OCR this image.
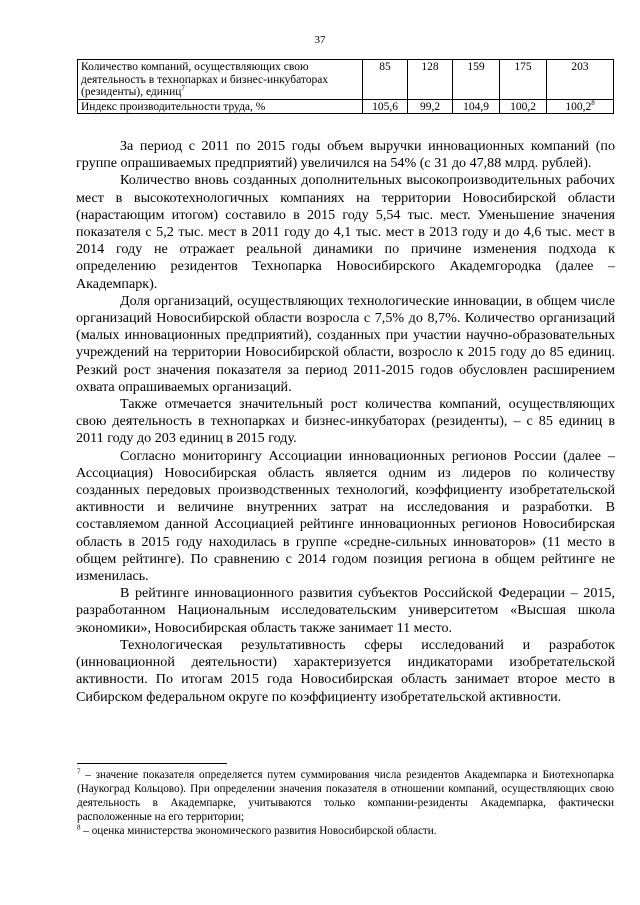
37
Количество компаний, осуществляющих свою деятельность в технопарках и бизнес-инкубаторах (резиденты), единиц$^7$	85	128	159	175	203
Индекс производительности труда, %	105,6	99,2	104,9	100,2	100,2$^8$

За период с 2011 по 2015 годы объем выручки инновационных компаний (по группе опрашиваемых предприятий) увеличился на 54% (с 31 до 47,88 млрд. рублей).

Количество вновь созданных дополнительных высокопроизводительных рабочих мест в высокотехнологичных компаниях на территории Новосибирской области (нарастающим итогом) составило в 2015 году 5,54 тыс. мест. Уменьшение значения показателя с 5,2 тыс. мест в 2011 году до 4,1 тыс. мест в 2013 году и до 4,6 тыс. мест в 2014 году не отражает реальной динамики по причине изменения подхода к определению резидентов Технопарка Новосибирского Академгородка (далее – Академпарк).

Доля организаций, осуществляющих технологические инновации, в общем числе организаций Новосибирской области возросла с 7,5% до 8,7%. Количество организаций (малых инновационных предприятий), созданных при участии научно-образовательных учреждений на территории Новосибирской области, возросло к 2015 году до 85 единиц. Резкий рост значения показателя за период 2011-2015 годов обусловлен расширением охвата опрашиваемых организаций.

Также отмечается значительный рост количества компаний, осуществляющих свою деятельность в технопарках и бизнес-инкубаторах (резиденты), – с 85 единиц в 2011 году до 203 единиц в 2015 году.

Согласно мониторингу Ассоциации инновационных регионов России (далее – Ассоциация) Новосибирская область является одним из лидеров по количеству созданных передовых производственных технологий, коэффициенту изобретательской активности и величине внутренних затрат на исследования и разработки. В составляемом данной Ассоциацией рейтинге инновационных регионов Новосибирская область в 2015 году находилась в группе «средне-сильных инноваторов» (11 место в общем рейтинге). По сравнению с 2014 годом позиция региона в общем рейтинге не изменилась.

В рейтинге инновационного развития субъектов Российской Федерации – 2015, разработанном Национальным исследовательским университетом «Высшая школа экономики», Новосибирская область также занимает 11 место.

Технологическая результативность сферы исследований и разработок (инновационной деятельности) характеризуется индикаторами изобретательской активности. По итогам 2015 года Новосибирская область занимает второе место в Сибирском федеральном округе по коэффициенту изобретательской активности.

$^7$ – значение показателя определяется путем суммирования числа резидентов Академпарка и Биотехнопарка (Наукоград Кольцово). При определении значения показателя в отношении компаний, осуществляющих свою деятельность в Академпарке, учитываются только компании-резиденты Академпарка, фактически расположенные на его территории;

$^8$ – оценка министерства экономического развития Новосибирской области.
